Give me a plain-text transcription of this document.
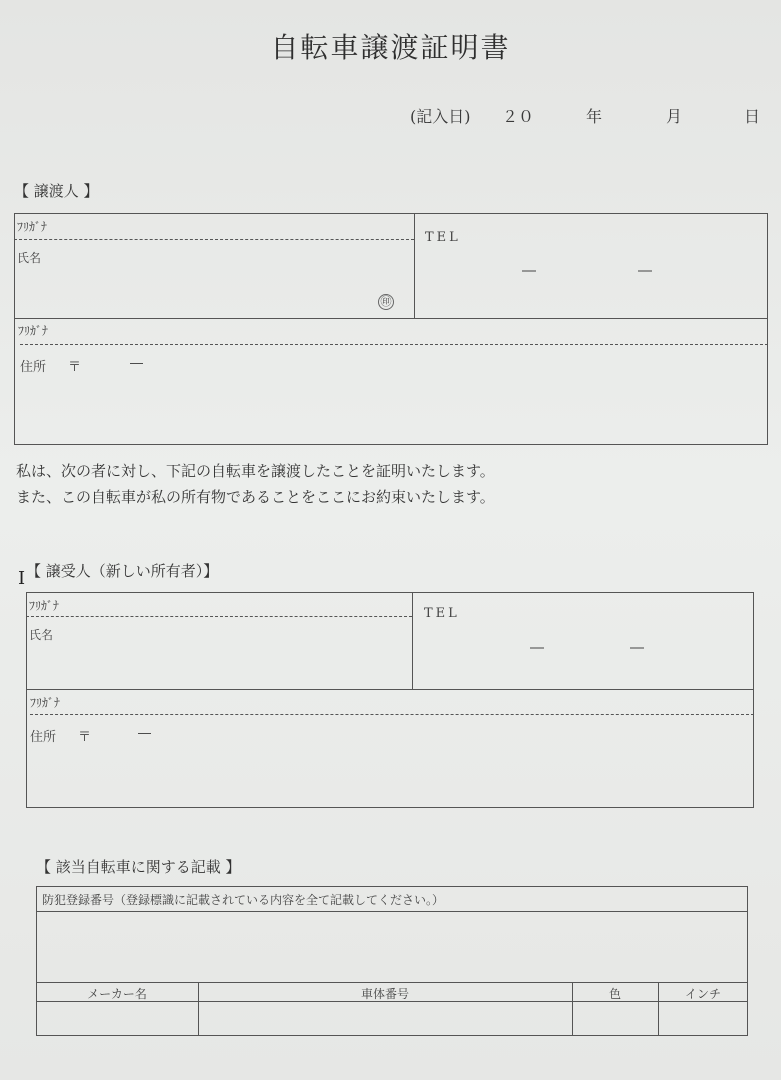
自転車譲渡証明書
(記入日) ２０	年	月	日
【 譲渡人 】
ﾌﾘｶﾞﾅ
氏名
㊞
TEL
―	―
ﾌﾘｶﾞﾅ
住所 〒	―
私は、次の者に対し、下記の自転車を譲渡したことを証明いたします。
また、この自転車が私の所有物であることをここにお約束いたします。
I 【 譲受人（新しい所有者）】
ﾌﾘｶﾞﾅ
氏名
TEL
―	―
ﾌﾘｶﾞﾅ
住所 〒	―
【 該当自転車に関する記載 】
防犯登録番号（登録標識に記載されている内容を全て記載してください。）
メーカー名	車体番号	色	インチ
